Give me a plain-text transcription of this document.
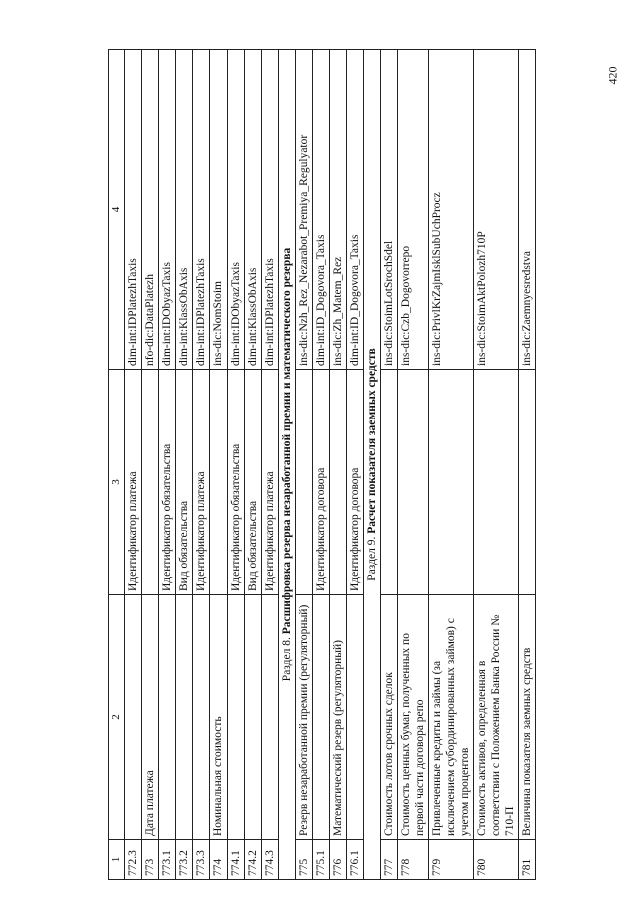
420
1	2	3	4
772.3		Идентификатор платежа	dim-int:IDPlatezhTaxis
773	Дата платежа		nfo-dic:DataPlatezh
773.1		Идентификатор обязательства	dim-int:IDObyazTaxis
773.2		Вид обязательства	dim-int:KlassObAxis
773.3		Идентификатор платежа	dim-int:IDPlatezhTaxis
774	Номинальная стоимость		ins-dic:NomStoim
774.1		Идентификатор обязательства	dim-int:IDObyazTaxis
774.2		Вид обязательства	dim-int:KlassObAxis
774.3		Идентификатор платежа	dim-int:IDPlatezhTaxis
Раздел 8. Расшифровка резерва незаработанной премии и математического резерва			
775	Резерв незаработанной премии (регуляторный)		ins-dic:Nzh_Rez_Nezarabot_Premiya_Regulyator
775.1		Идентификатор договора	dim-int:ID_Dogovora_Taxis
776	Математический резерв (регуляторный)		ins-dic:Zh_Matem_Rez
776.1		Идентификатор договора	dim-int:ID_Dogovora_Taxis
Раздел 9. Расчет показателя заемных средств			
777	Стоимость лотов срочных сделок		ins-dic:StoimLotSrochSdel
778	Стоимость ценных бумаг, полученных по первой части договора репо		ins-dic:Czb_Dogovorrepo
779	Привлеченные кредиты и займы (за исключением субординированных займов) с учетом процентов		ins-dic:PrivlKrZajmIsklSubUchProcz
780	Стоимость активов, определенная в соответствии с Положением Банка России № 710-П		ins-dic:StoimAktPolozh710P
781	Величина показателя заемных средств		ins-dic:Zaemnyesredstva
